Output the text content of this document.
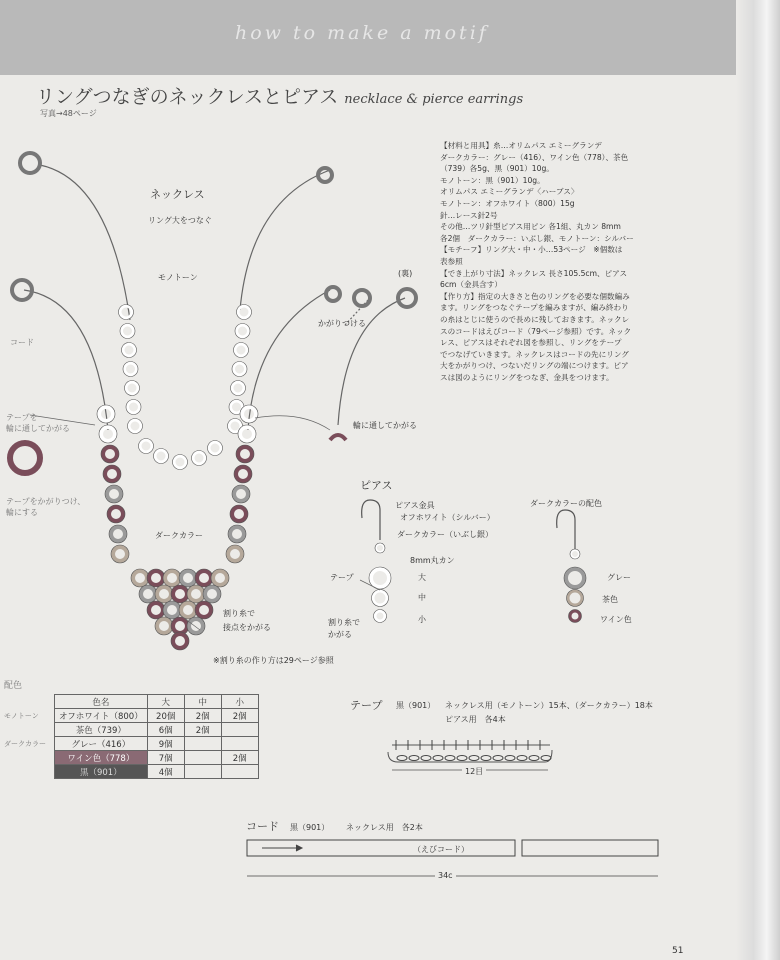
how to make a motif
リングつなぎのネックレスとピアス necklace & pierce earrings
写真→48ページ
ネックレス
リング大をつなぐ
モノトーン
ダークカラー
割り糸で
接点をかがる
コード
テープを
輪に通してかがる
テープをかがりつけ、
輪にする
(裏)
かがりつける
輪に通してかがる
※割り糸の作り方は29ページ参照
【材料と用具】糸…オリムパス エミーグランデ
ダークカラー：グレー（416）、ワイン色（778）、茶色
（739）各5g、黒（901）10g。
モノトーン：黒（901）10g。
オリムパス エミーグランデ〈ハーブス〉
モノトーン：オフホワイト（800）15g
針…レース針2号
その他…ツリ針型ピアス用ピン 各1組、丸カン 8mm
各2個　ダークカラー：いぶし銀、モノトーン：シルバー
【モチーフ】リング大・中・小…53ページ　※個数は
表参照
【でき上がり寸法】ネックレス 長さ105.5cm、ピアス
6cm（金具含す）
【作り方】指定の大きさと色のリングを必要な個数編み
ます。リングをつなぐテープを編みますが、編み終わり
の糸はとじに使うので長めに残しておきます。ネックレ
スのコードはえびコード（79ページ参照）です。ネック
レス、ピアスはそれぞれ図を参照し、リングをテープ
でつなげていきます。ネックレスはコードの先にリング
大をかがりつけ、つないだリングの端につけます。ピア
スは図のようにリングをつなぎ、金具をつけます。
ピアス
ピアス金具
オフホワイト（シルバー）
ダークカラー（いぶし銀）
8mm丸カン
テープ	大
中
小
割り糸で
かがる
ダークカラーの配色
グレー
茶色
ワイン色
配色
	色名	大	中	小
モノトーン	オフホワイト（800）	20個	2個	2個
	茶色（739）	6個	2個	
ダークカラー	グレー（416）	9個		
	ワイン色（778）	7個		2個
	黒（901）	4個		
テープ 黒（901） ネックレス用（モノトーン）15本、（ダークカラー）18本
ピアス用　各4本
12目
コード 黒（901） ネックレス用　各2本
（えびコード）
34c
51
